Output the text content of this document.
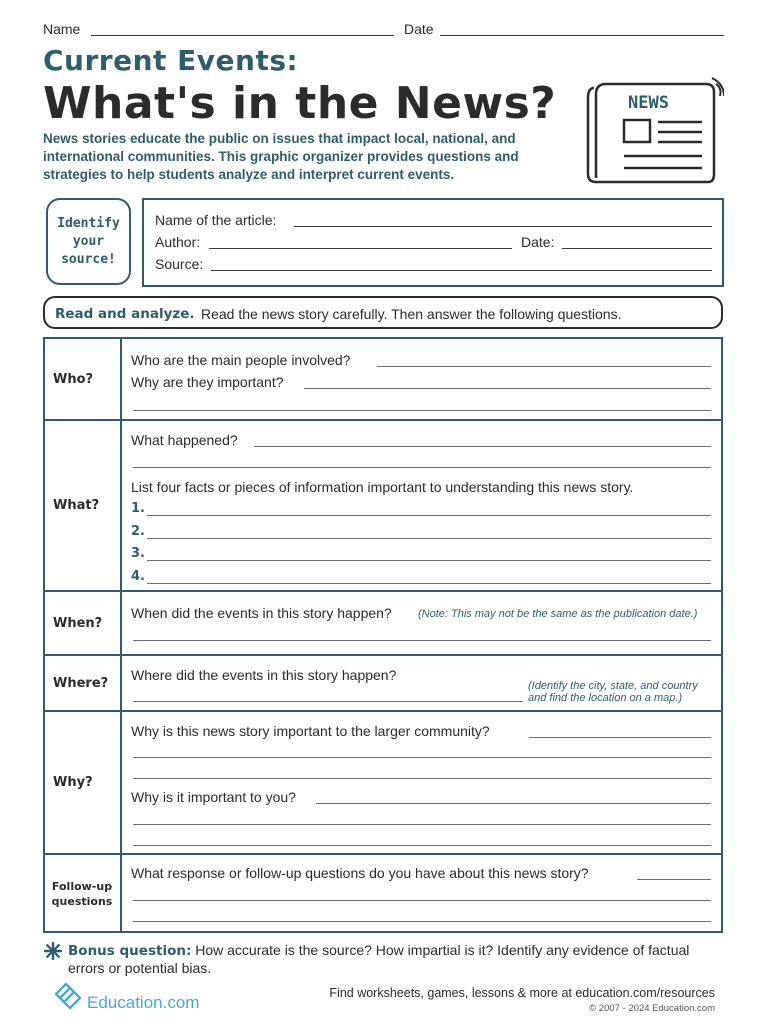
Name	Date
Current Events:
What's in the News?
News stories educate the public on issues that impact local, national, and international communities. This graphic organizer provides questions and strategies to help students analyze and interpret current events.
NEWS
Identify
your
source!
Name of the article:
Author:	Date:
Source:
Read and analyze. Read the news story carefully. Then answer the following questions.
Who?
Who are the main people involved?
Why are they important?
What?
What happened?
List four facts or pieces of information important to understanding this news story.
1.
2.
3.
4.
When?
When did the events in this story happen? (Note: This may not be the same as the publication date.)
Where?
Where did the events in this story happen?
(Identify the city, state, and country
and find the location on a map.)
Why?
Why is this news story important to the larger community?
Why is it important to you?
Follow-up
questions
What response or follow-up questions do you have about this news story?
Bonus question: How accurate is the source? How impartial is it? Identify any evidence of factual errors or potential bias.
Education.com	Find worksheets, games, lessons & more at education.com/resources
© 2007 - 2024 Education.com
